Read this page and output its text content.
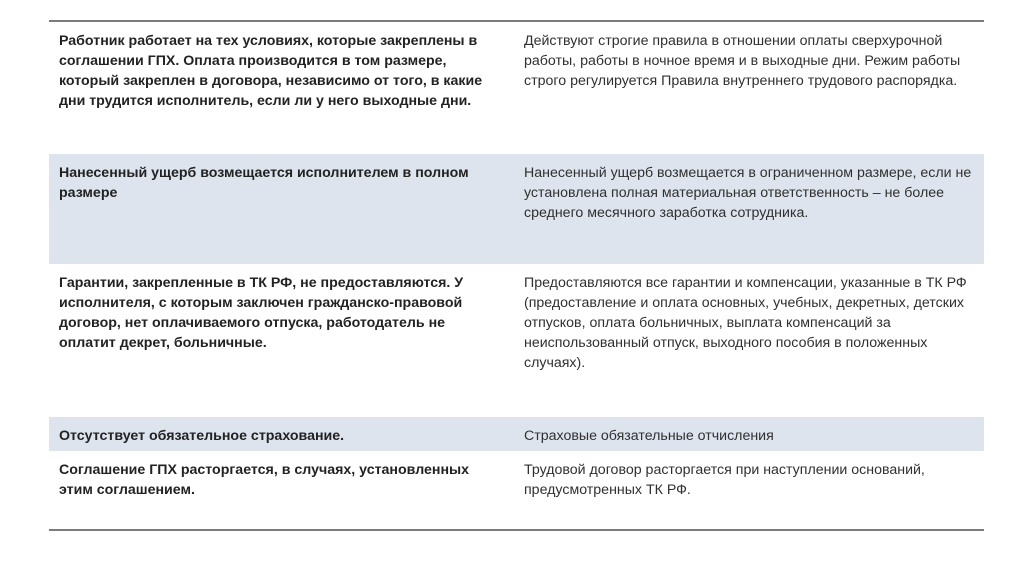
Работник работает на тех условиях, которые закреплены в соглашении ГПХ. Оплата производится в том размере, который закреплен в договора, независимо от того, в какие дни трудится исполнитель, если ли у него выходные дни.
Действуют строгие правила в отношении оплаты сверхурочной работы, работы в ночное время и в выходные дни. Режим работы строго регулируется Правила внутреннего трудового распорядка.
Нанесенный ущерб возмещается исполнителем в полном размере
Нанесенный ущерб возмещается в ограниченном размере, если не установлена полная материальная ответственность – не более среднего месячного заработка сотрудника.
Гарантии, закрепленные в ТК РФ, не предоставляются. У исполнителя, с которым заключен гражданско-правовой договор, нет оплачиваемого отпуска, работодатель не оплатит декрет, больничные.
Предоставляются все гарантии и компенсации, указанные в ТК РФ (предоставление и оплата основных, учебных, декретных, детских отпусков, оплата больничных, выплата компенсаций за неиспользованный отпуск, выходного пособия в положенных случаях).
Отсутствует обязательное страхование.	Страховые обязательные отчисления
Соглашение ГПХ расторгается, в случаях, установленных этим соглашением.
Трудовой договор расторгается при наступлении оснований, предусмотренных ТК РФ.
